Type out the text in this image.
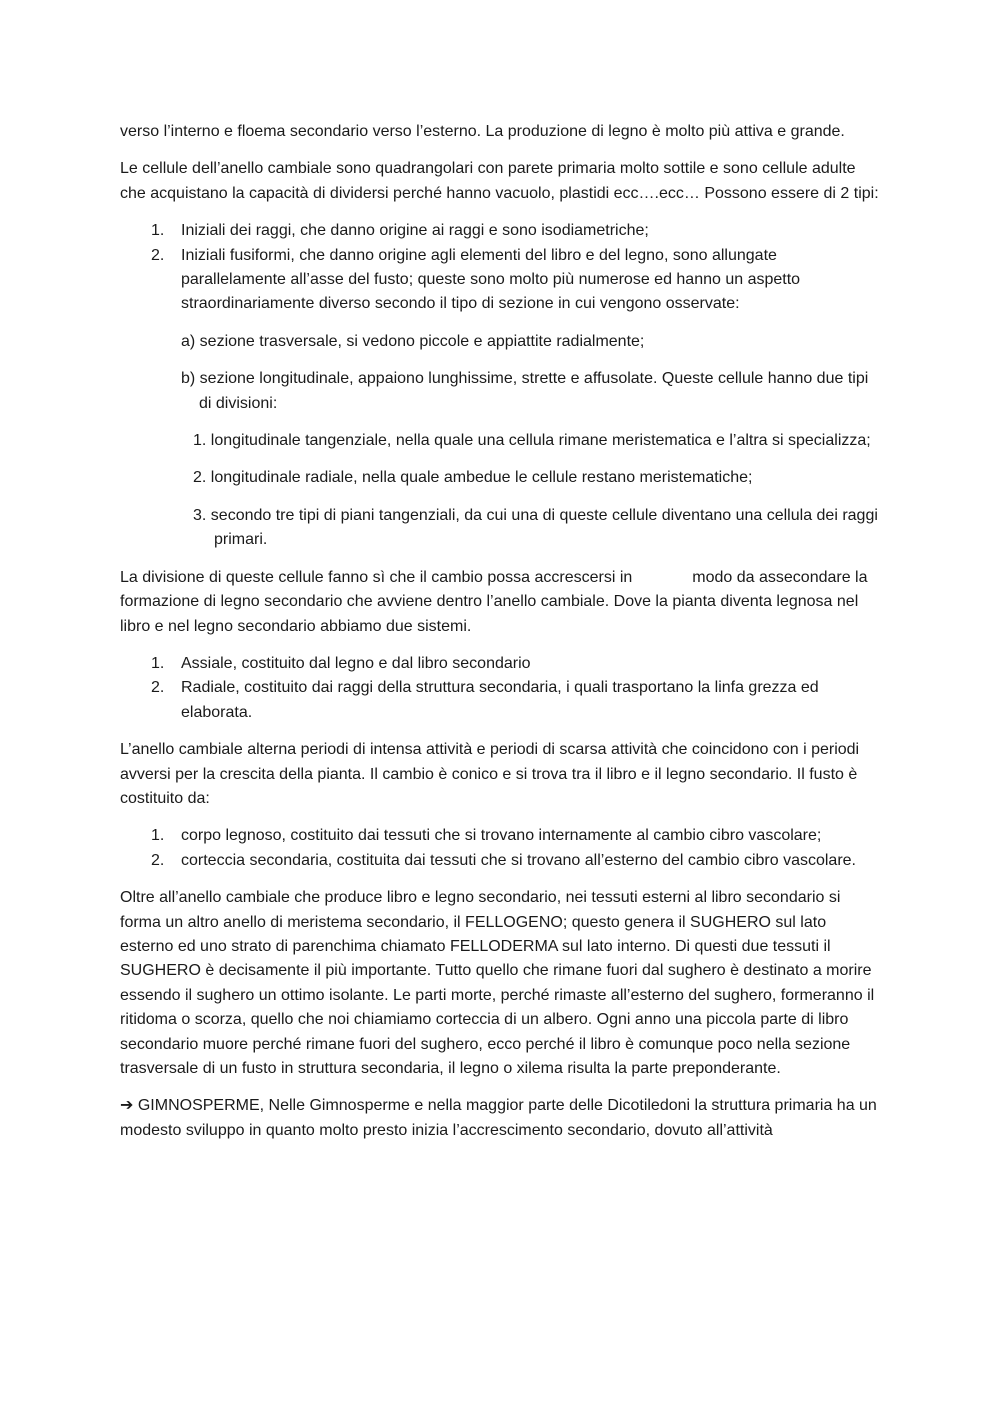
verso l’interno e floema secondario verso l’esterno. La produzione di legno è molto più attiva e grande.

Le cellule dell’anello cambiale sono quadrangolari con parete primaria molto sottile e sono cellule adulte che acquistano la capacità di dividersi perché hanno vacuolo, plastidi ecc….ecc… Possono essere di 2 tipi:

1. Iniziali dei raggi, che danno origine ai raggi e sono isodiametriche;
2. Iniziali fusiformi, che danno origine agli elementi del libro e del legno, sono allungate parallelamente all’asse del fusto; queste sono molto più numerose ed hanno un aspetto straordinariamente diverso secondo il tipo di sezione in cui vengono osservate:

a) sezione trasversale, si vedono piccole e appiattite radialmente;

b) sezione longitudinale, appaiono lunghissime, strette e affusolate. Queste cellule hanno due tipi di divisioni:

1. longitudinale tangenziale, nella quale una cellula rimane meristematica e l’altra si specializza;

2. longitudinale radiale, nella quale ambedue le cellule restano meristematiche;

3. secondo tre tipi di piani tangenziali, da cui una di queste cellule diventano una cellula dei raggi primari.

La divisione di queste cellule fanno sì che il cambio possa accrescersi in	modo da assecondare la formazione di legno secondario che avviene dentro l’anello cambiale. Dove la pianta diventa legnosa nel libro e nel legno secondario abbiamo due sistemi.

1. Assiale, costituito dal legno e dal libro secondario
2. Radiale, costituito dai raggi della struttura secondaria, i quali trasportano la linfa grezza ed elaborata.

L’anello cambiale alterna periodi di intensa attività e periodi di scarsa attività che coincidono con i periodi avversi per la crescita della pianta. Il cambio è conico e si trova tra il libro e il legno secondario. Il fusto è costituito da:

1. corpo legnoso, costituito dai tessuti che si trovano internamente al cambio cibro vascolare;
2. corteccia secondaria, costituita dai tessuti che si trovano all’esterno del cambio cibro vascolare.

Oltre all’anello cambiale che produce libro e legno secondario, nei tessuti esterni al libro secondario si forma un altro anello di meristema secondario, il FELLOGENO; questo genera il SUGHERO sul lato esterno ed uno strato di parenchima chiamato FELLODERMA sul lato interno. Di questi due tessuti il SUGHERO è decisamente il più importante. Tutto quello che rimane fuori dal sughero è destinato a morire essendo il sughero un ottimo isolante. Le parti morte, perché rimaste all’esterno del sughero, formeranno il ritidoma o scorza, quello che noi chiamiamo corteccia di un albero. Ogni anno una piccola parte di libro secondario muore perché rimane fuori del sughero, ecco perché il libro è comunque poco nella sezione trasversale di un fusto in struttura secondaria, il legno o xilema risulta la parte preponderante.

➔ GIMNOSPERME, Nelle Gimnosperme e nella maggior parte delle Dicotiledoni la struttura primaria ha un modesto sviluppo in quanto molto presto inizia l’accrescimento secondario, dovuto all’attività
